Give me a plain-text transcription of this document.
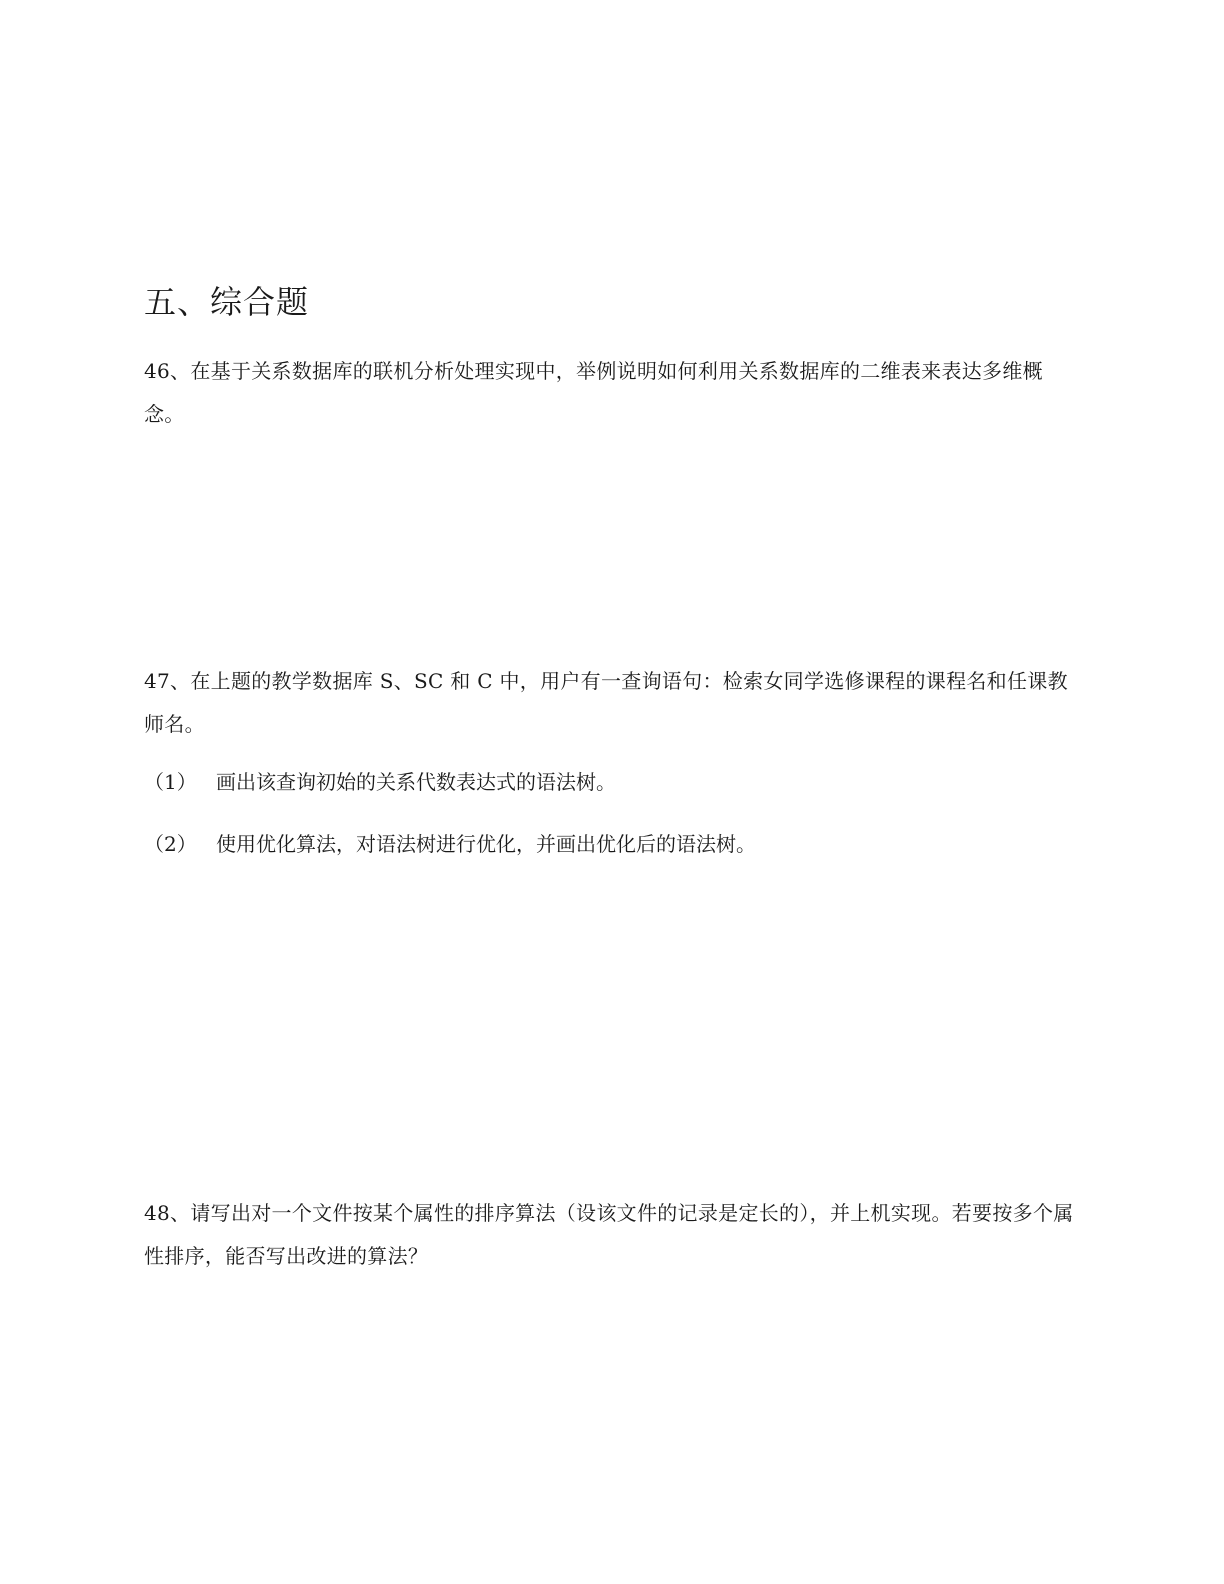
五、综合题

46、在基于关系数据库的联机分析处理实现中，举例说明如何利用关系数据库的二维表来表达多维概念。

47、在上题的教学数据库 S、SC 和 C 中，用户有一查询语句：检索女同学选修课程的课程名和任课教师名。

（1） 画出该查询初始的关系代数表达式的语法树。

（2） 使用优化算法，对语法树进行优化，并画出优化后的语法树。

48、请写出对一个文件按某个属性的排序算法（设该文件的记录是定长的），并上机实现。若要按多个属性排序，能否写出改进的算法？
